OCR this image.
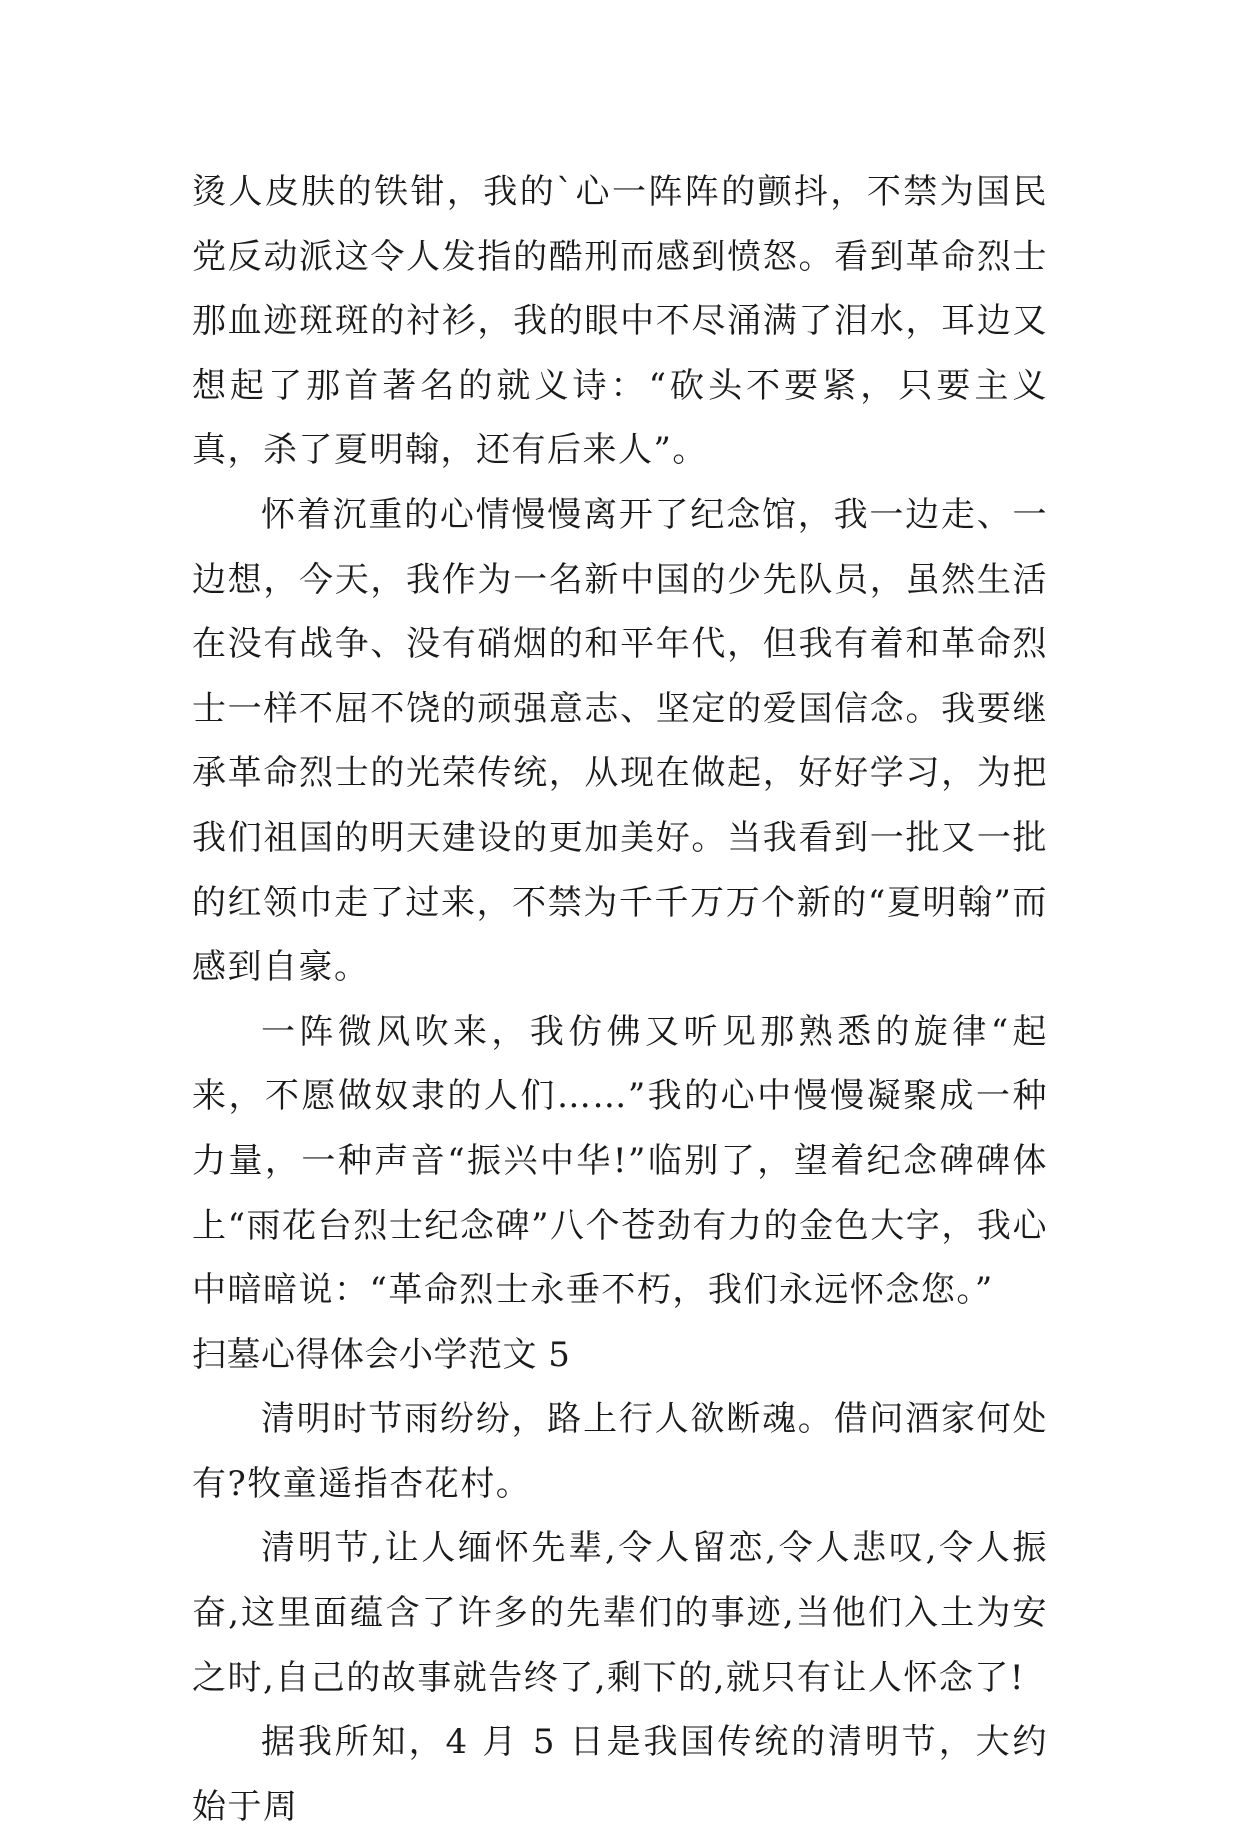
烫人皮肤的铁钳，我的`心一阵阵的颤抖，不禁为国民党反动派这令人发指的酷刑而感到愤怒。看到革命烈士那血迹斑斑的衬衫，我的眼中不尽涌满了泪水，耳边又想起了那首著名的就义诗：“砍头不要紧，只要主义真，杀了夏明翰，还有后来人”。

怀着沉重的心情慢慢离开了纪念馆，我一边走、一边想，今天，我作为一名新中国的少先队员，虽然生活在没有战争、没有硝烟的和平年代，但我有着和革命烈士一样不屈不饶的顽强意志、坚定的爱国信念。我要继承革命烈士的光荣传统，从现在做起，好好学习，为把我们祖国的明天建设的更加美好。当我看到一批又一批的红领巾走了过来，不禁为千千万万个新的“夏明翰”而感到自豪。

一阵微风吹来，我仿佛又听见那熟悉的旋律“起来，不愿做奴隶的人们……”我的心中慢慢凝聚成一种力量，一种声音“振兴中华!”临别了，望着纪念碑碑体上“雨花台烈士纪念碑”八个苍劲有力的金色大字，我心中暗暗说：“革命烈士永垂不朽，我们永远怀念您。”

扫墓心得体会小学范文 5

清明时节雨纷纷，路上行人欲断魂。借问酒家何处有?牧童遥指杏花村。

清明节,让人缅怀先辈,令人留恋,令人悲叹,令人振奋,这里面蕴含了许多的先辈们的事迹,当他们入土为安之时,自己的故事就告终了,剩下的,就只有让人怀念了!

据我所知，4 月 5 日是我国传统的清明节，大约始于周
